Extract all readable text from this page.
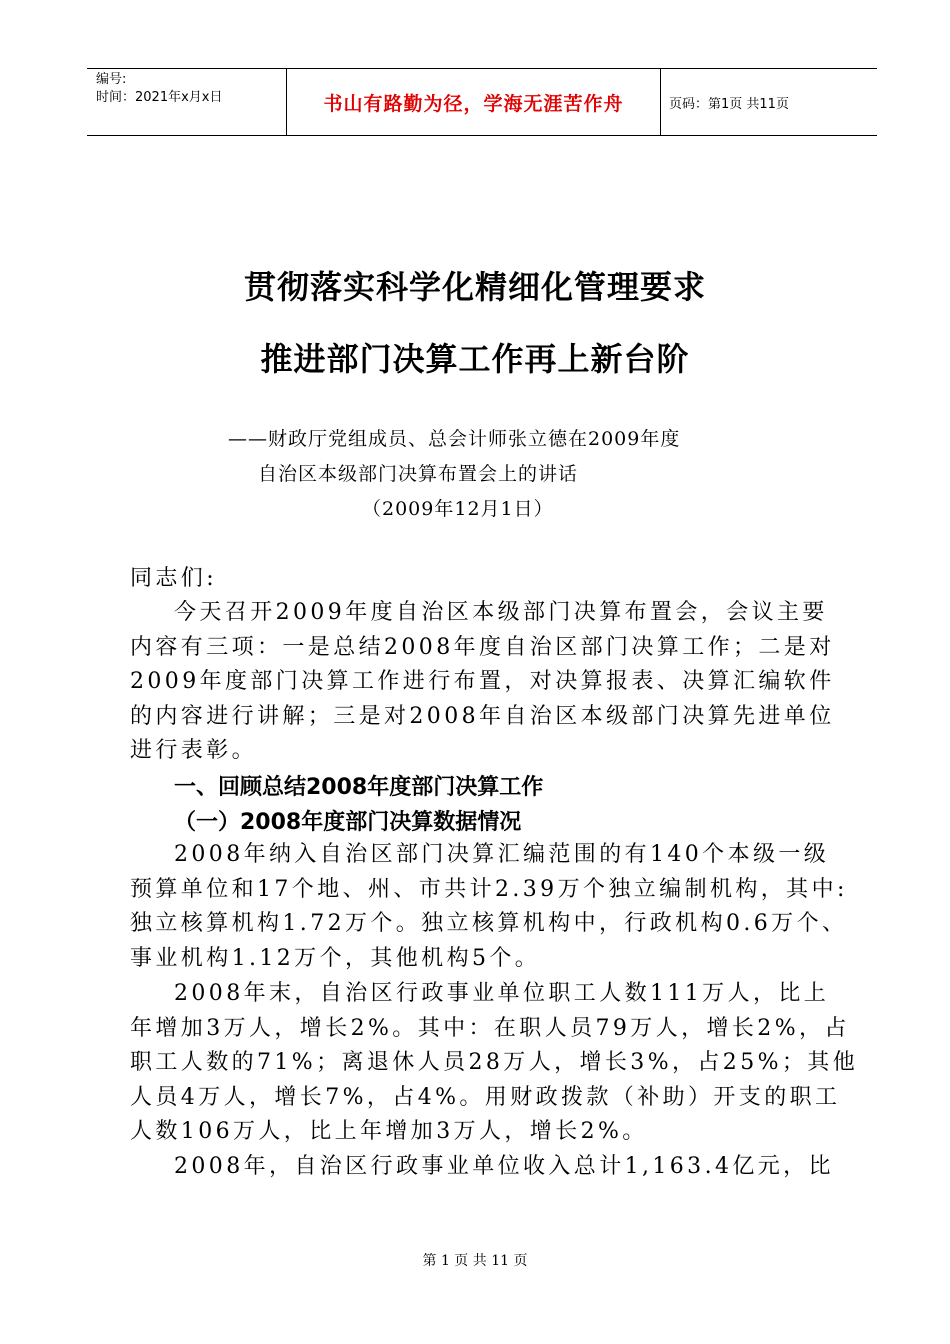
编号:
时间：2021年x月x日	书山有路勤为径，学海无涯苦作舟	页码：第1页 共11页
贯彻落实科学化精细化管理要求
推进部门决算工作再上新台阶
——财政厅党组成员、总会计师张立德在2009年度
自治区本级部门决算布置会上的讲话
（2009年12月1日）
同志们:
今天召开2009年度自治区本级部门决算布置会，会议主要
内容有三项：一是总结2008年度自治区部门决算工作；二是对
2009年度部门决算工作进行布置，对决算报表、决算汇编软件
的内容进行讲解；三是对2008年自治区本级部门决算先进单位
进行表彰。
一、回顾总结2008年度部门决算工作
（一）2008年度部门决算数据情况
2008年纳入自治区部门决算汇编范围的有140个本级一级
预算单位和17个地、州、市共计2.39万个独立编制机构，其中:
独立核算机构1.72万个。独立核算机构中，行政机构0.6万个、
事业机构1.12万个，其他机构5个。
2008年末，自治区行政事业单位职工人数111万人，比上
年增加3万人，增长2%。其中：在职人员79万人，增长2%，占
职工人数的71%；离退休人员28万人，增长3%，占25%；其他
人员4万人，增长7%，占4%。用财政拨款（补助）开支的职工
人数106万人，比上年增加3万人，增长2%。
2008年，自治区行政事业单位收入总计1,163.4亿元，比
第 1 页 共 11 页
